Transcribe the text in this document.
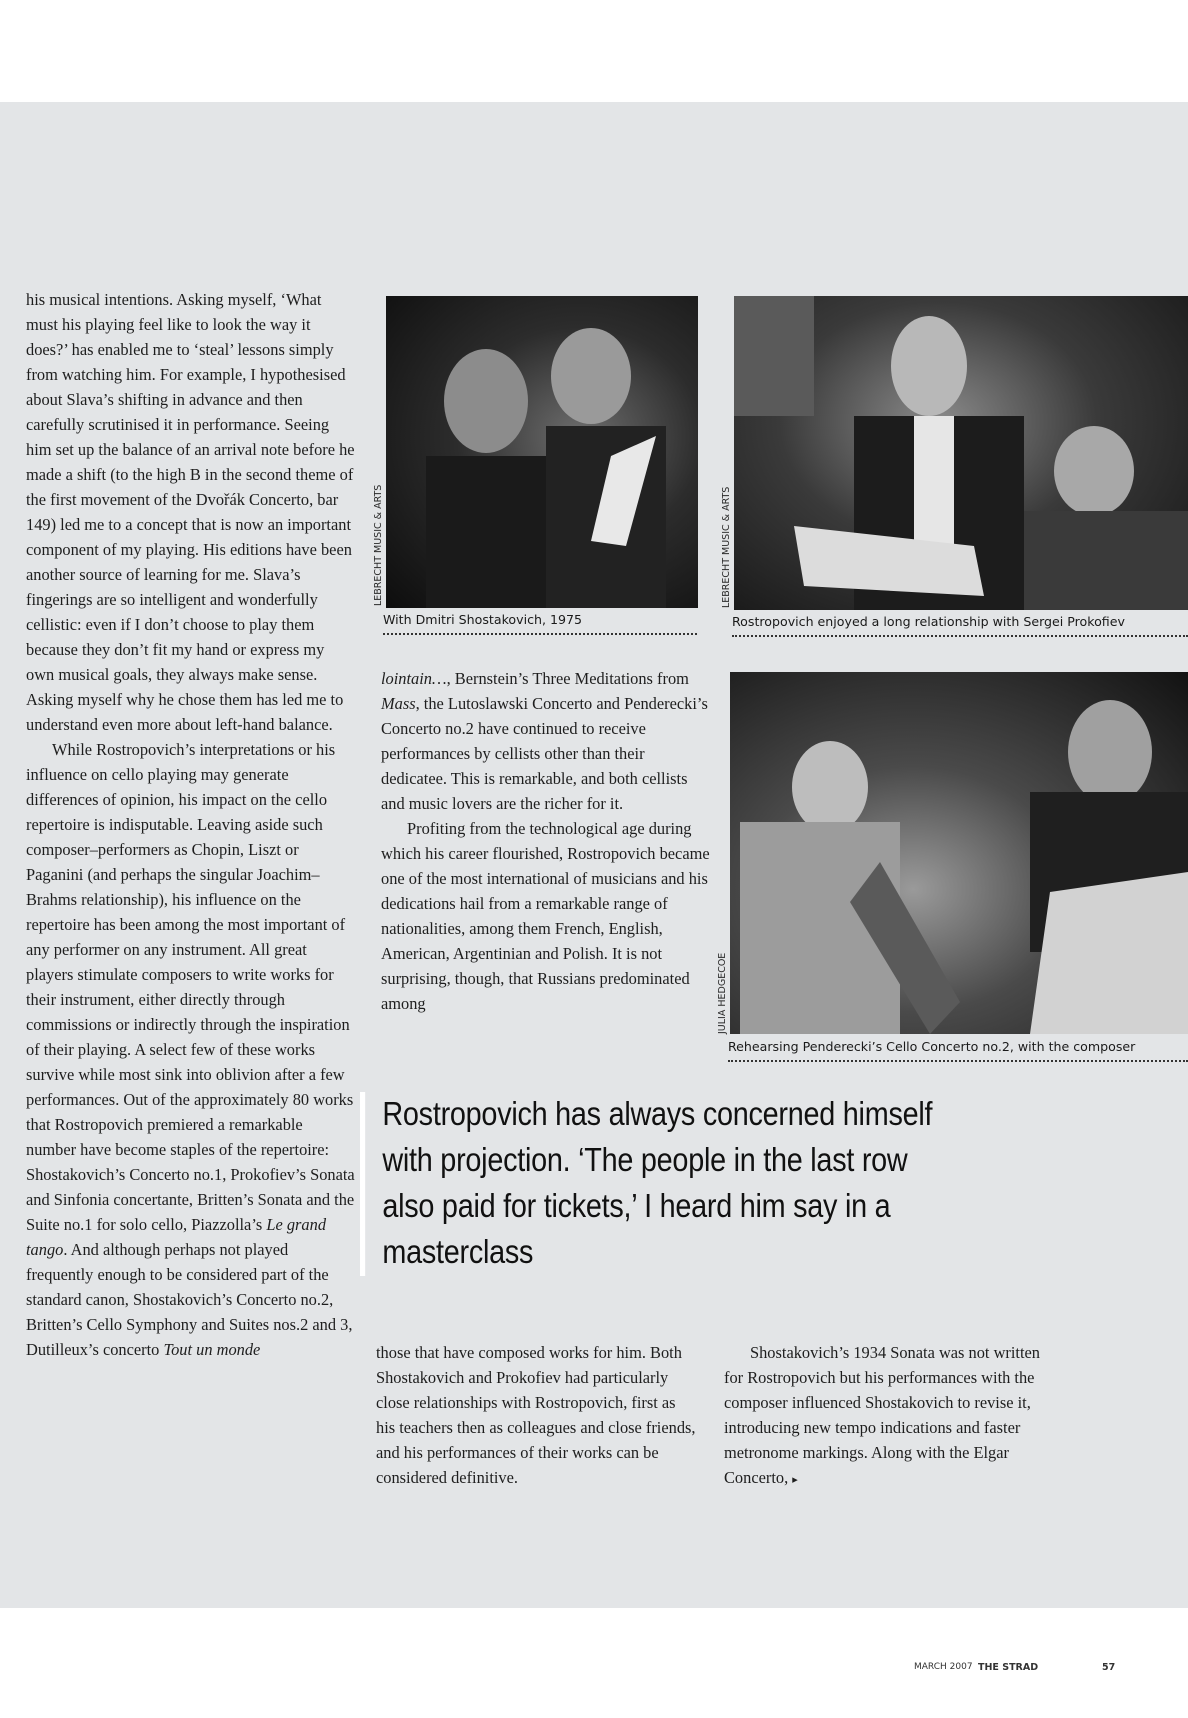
his musical intentions. Asking myself, ‘What must his playing feel like to look the way it does?’ has enabled me to ‘steal’ lessons simply from watching him. For example, I hypothesised about Slava’s shifting in advance and then carefully scrutinised it in performance. Seeing him set up the balance of an arrival note before he made a shift (to the high B in the second theme of the first movement of the Dvořák Concerto, bar 149) led me to a concept that is now an important component of my playing. His editions have been another source of learning for me. Slava’s fingerings are so intelligent and wonderfully cellistic: even if I don’t choose to play them because they don’t fit my hand or express my own musical goals, they always make sense. Asking myself why he chose them has led me to understand even more about left-hand balance.

While Rostropovich’s interpretations or his influence on cello playing may generate differences of opinion, his impact on the cello repertoire is indisputable. Leaving aside such composer–performers as Chopin, Liszt or Paganini (and perhaps the singular Joachim–Brahms relationship), his influence on the repertoire has been among the most important of any performer on any instrument. All great players stimulate composers to write works for their instrument, either directly through commissions or indirectly through the inspiration of their playing. A select few of these works survive while most sink into oblivion after a few performances. Out of the approximately 80 works that Rostropovich premiered a remarkable number have become staples of the repertoire: Shostakovich’s Concerto no.1, Prokofiev’s Sonata and Sinfonia concertante, Britten’s Sonata and the Suite no.1 for solo cello, Piazzolla’s Le grand tango. And although perhaps not played frequently enough to be considered part of the standard canon, Shostakovich’s Concerto no.2, Britten’s Cello Symphony and Suites nos.2 and 3, Dutilleux’s concerto Tout un monde

LEBRECHT MUSIC & ARTS
With Dmitri Shostakovich, 1975
LEBRECHT MUSIC & ARTS
Rostropovich enjoyed a long relationship with Sergei Prokofiev

lointain…, Bernstein’s Three Meditations from Mass, the Lutoslawski Concerto and Penderecki’s Concerto no.2 have continued to receive performances by cellists other than their dedicatee. This is remarkable, and both cellists and music lovers are the richer for it.

Profiting from the technological age during which his career flourished, Rostropovich became one of the most international of musicians and his dedications hail from a remarkable range of nationalities, among them French, English, American, Argentinian and Polish. It is not surprising, though, that Russians predominated among	JULIA HEDGECOE
Rehearsing Penderecki’s Cello Concerto no.2, with the composer
Rostropovich has always concerned himself with projection. ‘The people in the last row also paid for tickets,’ I heard him say in a masterclass

those that have composed works for him. Both Shostakovich and Prokofiev had particularly close relationships with Rostropovich, first as his teachers then as colleagues and close friends, and his performances of their works can be considered definitive.

Shostakovich’s 1934 Sonata was not written for Rostropovich but his performances with the composer influenced Shostakovich to revise it, introducing new tempo indications and faster metronome markings. Along with the Elgar Concerto, ▸

MARCH 2007 THE STRAD	57
